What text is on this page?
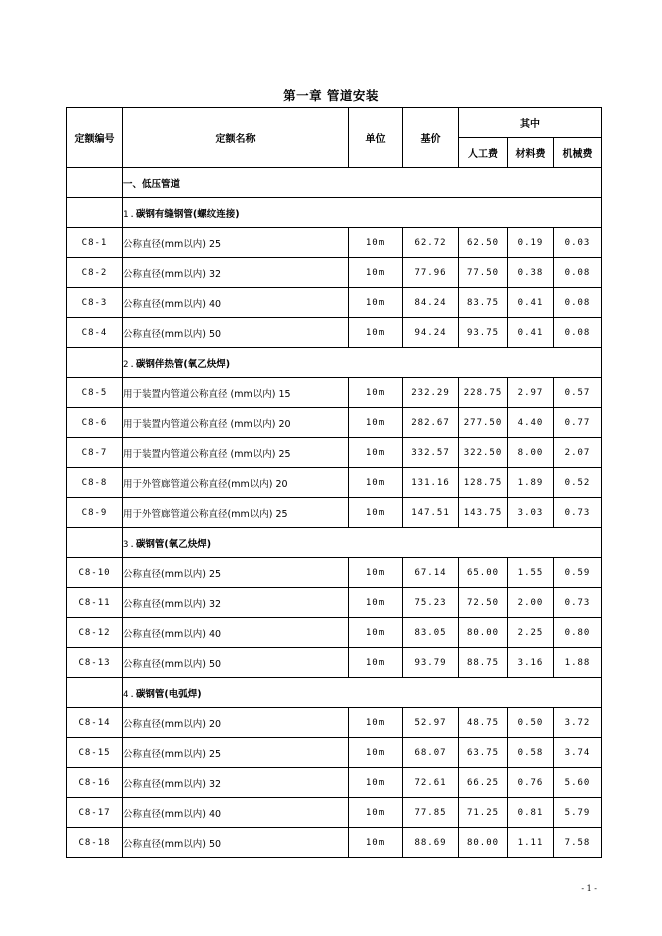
第一章 管道安装
定额编号	定额名称	单位	基价	其中		
				人工费	材料费	机械费
	一、低压管道					
	1.碳钢有缝钢管(螺纹连接)					
C8-1	公称直径(mm以内) 25	10m	62.72	62.50	0.19	0.03
C8-2	公称直径(mm以内) 32	10m	77.96	77.50	0.38	0.08
C8-3	公称直径(mm以内) 40	10m	84.24	83.75	0.41	0.08
C8-4	公称直径(mm以内) 50	10m	94.24	93.75	0.41	0.08
	2.碳钢伴热管(氧乙炔焊)					
C8-5	用于装置内管道公称直径 (mm以内) 15	10m	232.29	228.75	2.97	0.57
C8-6	用于装置内管道公称直径 (mm以内) 20	10m	282.67	277.50	4.40	0.77
C8-7	用于装置内管道公称直径 (mm以内) 25	10m	332.57	322.50	8.00	2.07
C8-8	用于外管廊管道公称直径(mm以内) 20	10m	131.16	128.75	1.89	0.52
C8-9	用于外管廊管道公称直径(mm以内) 25	10m	147.51	143.75	3.03	0.73
	3.碳钢管(氧乙炔焊)					
C8-10	公称直径(mm以内) 25	10m	67.14	65.00	1.55	0.59
C8-11	公称直径(mm以内) 32	10m	75.23	72.50	2.00	0.73
C8-12	公称直径(mm以内) 40	10m	83.05	80.00	2.25	0.80
C8-13	公称直径(mm以内) 50	10m	93.79	88.75	3.16	1.88
	4.碳钢管(电弧焊)					
C8-14	公称直径(mm以内) 20	10m	52.97	48.75	0.50	3.72
C8-15	公称直径(mm以内) 25	10m	68.07	63.75	0.58	3.74
C8-16	公称直径(mm以内) 32	10m	72.61	66.25	0.76	5.60
C8-17	公称直径(mm以内) 40	10m	77.85	71.25	0.81	5.79
C8-18	公称直径(mm以内) 50	10m	88.69	80.00	1.11	7.58
- 1 -
